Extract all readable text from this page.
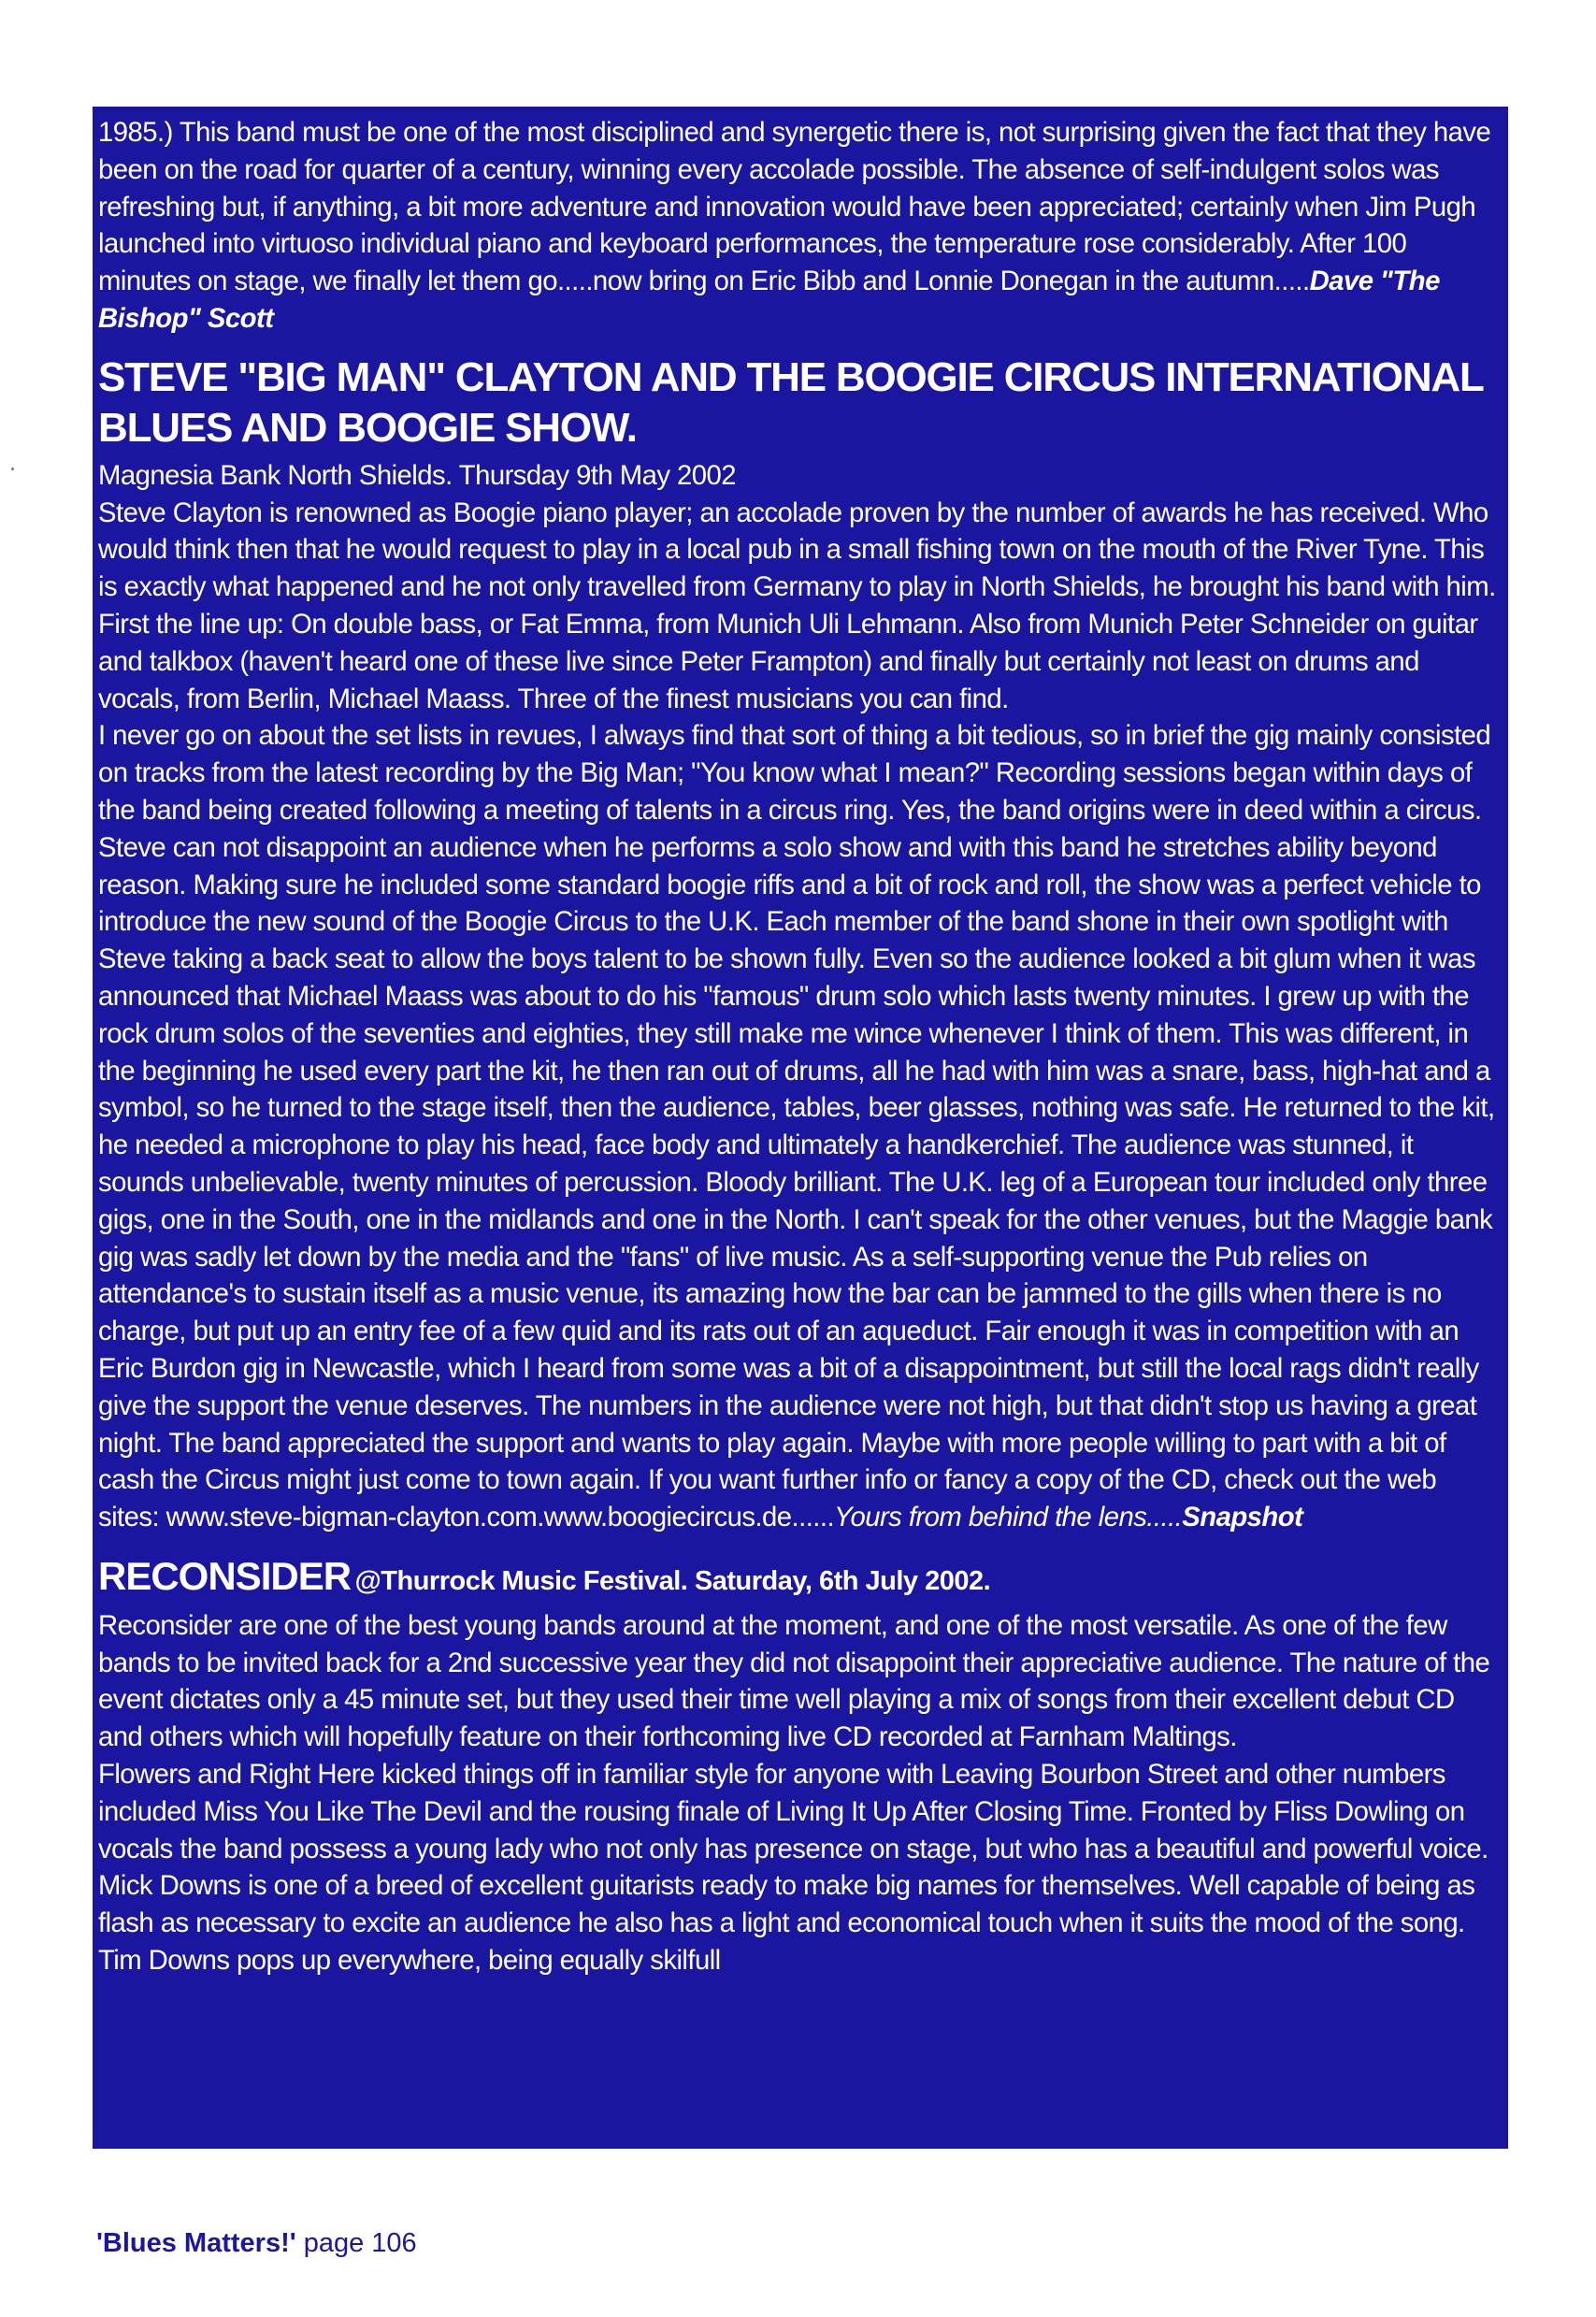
1985.) This band must be one of the most disciplined and synergetic there is, not surprising given the fact that they have been on the road for quarter of a century, winning every accolade possible. The absence of self-indulgent solos was refreshing but, if anything, a bit more adventure and innovation would have been appreciated; certainly when Jim Pugh launched into virtuoso individual piano and keyboard performances, the temperature rose considerably. After 100 minutes on stage, we finally let them go.....now bring on Eric Bibb and Lonnie Donegan in the autumn.....Dave "The Bishop" Scott

STEVE "BIG MAN" CLAYTON AND THE BOOGIE CIRCUS INTERNATIONAL BLUES AND BOOGIE SHOW.

Magnesia Bank North Shields. Thursday 9th May 2002

Steve Clayton is renowned as Boogie piano player; an accolade proven by the number of awards he has received. Who would think then that he would request to play in a local pub in a small fishing town on the mouth of the River Tyne. This is exactly what happened and he not only travelled from Germany to play in North Shields, he brought his band with him. First the line up: On double bass, or Fat Emma, from Munich Uli Lehmann. Also from Munich Peter Schneider on guitar and talkbox (haven't heard one of these live since Peter Frampton) and finally but certainly not least on drums and vocals, from Berlin, Michael Maass. Three of the finest musicians you can find.

I never go on about the set lists in revues, I always find that sort of thing a bit tedious, so in brief the gig mainly consisted on tracks from the latest recording by the Big Man; "You know what I mean?" Recording sessions began within days of the band being created following a meeting of talents in a circus ring. Yes, the band origins were in deed within a circus.

Steve can not disappoint an audience when he performs a solo show and with this band he stretches ability beyond reason. Making sure he included some standard boogie riffs and a bit of rock and roll, the show was a perfect vehicle to introduce the new sound of the Boogie Circus to the U.K. Each member of the band shone in their own spotlight with Steve taking a back seat to allow the boys talent to be shown fully. Even so the audience looked a bit glum when it was announced that Michael Maass was about to do his "famous" drum solo which lasts twenty minutes. I grew up with the rock drum solos of the seventies and eighties, they still make me wince whenever I think of them. This was different, in the beginning he used every part the kit, he then ran out of drums, all he had with him was a snare, bass, high-hat and a symbol, so he turned to the stage itself, then the audience, tables, beer glasses, nothing was safe. He returned to the kit, he needed a microphone to play his head, face body and ultimately a handkerchief. The audience was stunned, it sounds unbelievable, twenty minutes of percussion. Bloody brilliant. The U.K. leg of a European tour included only three gigs, one in the South, one in the midlands and one in the North. I can't speak for the other venues, but the Maggie bank gig was sadly let down by the media and the "fans" of live music. As a self-supporting venue the Pub relies on attendance's to sustain itself as a music venue, its amazing how the bar can be jammed to the gills when there is no charge, but put up an entry fee of a few quid and its rats out of an aqueduct. Fair enough it was in competition with an Eric Burdon gig in Newcastle, which I heard from some was a bit of a disappointment, but still the local rags didn't really give the support the venue deserves. The numbers in the audience were not high, but that didn't stop us having a great night. The band appreciated the support and wants to play again. Maybe with more people willing to part with a bit of cash the Circus might just come to town again. If you want further info or fancy a copy of the CD, check out the web sites: www.steve-bigman-clayton.com.www.boogiecircus.de......Yours from behind the lens.....Snapshot

RECONSIDER @Thurrock Music Festival. Saturday, 6th July 2002.

Reconsider are one of the best young bands around at the moment, and one of the most versatile. As one of the few bands to be invited back for a 2nd successive year they did not disappoint their appreciative audience. The nature of the event dictates only a 45 minute set, but they used their time well playing a mix of songs from their excellent debut CD and others which will hopefully feature on their forthcoming live CD recorded at Farnham Maltings.

Flowers and Right Here kicked things off in familiar style for anyone with Leaving Bourbon Street and other numbers included Miss You Like The Devil and the rousing finale of Living It Up After Closing Time. Fronted by Fliss Dowling on vocals the band possess a young lady who not only has presence on stage, but who has a beautiful and powerful voice. Mick Downs is one of a breed of excellent guitarists ready to make big names for themselves. Well capable of being as flash as necessary to excite an audience he also has a light and economical touch when it suits the mood of the song. Tim Downs pops up everywhere, being equally skilfull

'Blues Matters!' page 106
